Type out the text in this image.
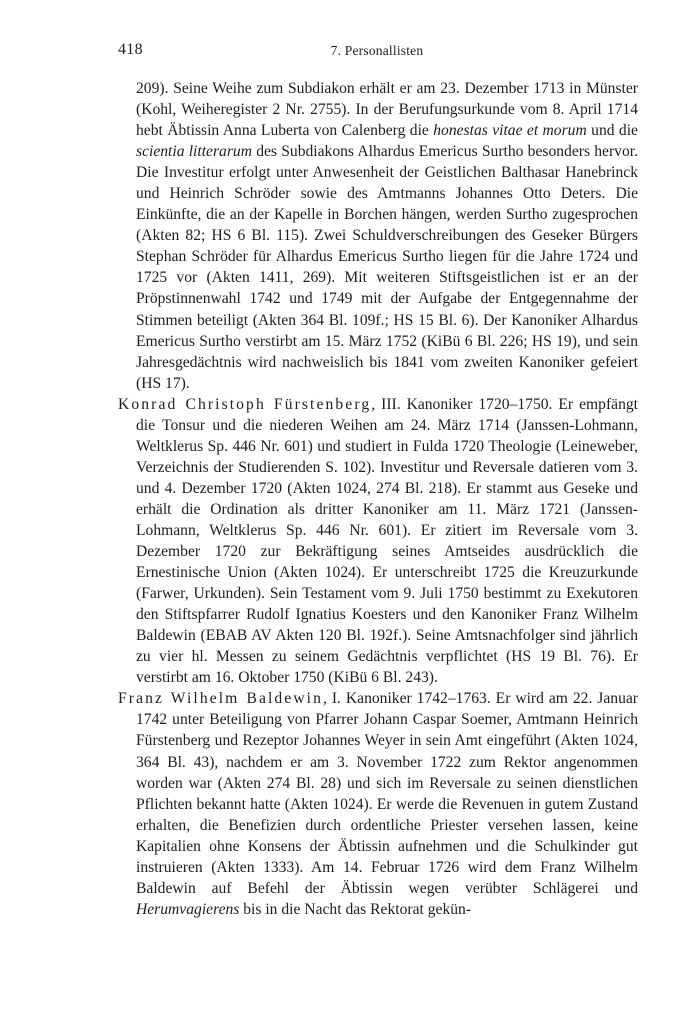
418	7. Personallisten

209). Seine Weihe zum Subdiakon erhält er am 23. Dezember 1713 in Münster (Kohl, Weiheregister 2 Nr. 2755). In der Berufungsurkunde vom 8. April 1714 hebt Äbtissin Anna Luberta von Calenberg die honestas vitae et morum und die scientia litterarum des Subdiakons Alhardus Emericus Surtho besonders hervor. Die Investitur erfolgt unter Anwesenheit der Geistlichen Balthasar Hanebrinck und Heinrich Schröder sowie des Amtmanns Johannes Otto Deters. Die Einkünfte, die an der Kapelle in Borchen hängen, werden Surtho zugesprochen (Akten 82; HS 6 Bl. 115). Zwei Schuldverschreibungen des Geseker Bürgers Stephan Schröder für Alhardus Emericus Surtho liegen für die Jahre 1724 und 1725 vor (Akten 1411, 269). Mit weiteren Stiftsgeistlichen ist er an der Pröpstinnenwahl 1742 und 1749 mit der Aufgabe der Entgegennahme der Stimmen beteiligt (Akten 364 Bl. 109f.; HS 15 Bl. 6). Der Kanoniker Alhardus Emericus Surtho verstirbt am 15. März 1752 (KiBü 6 Bl. 226; HS 19), und sein Jahresgedächtnis wird nachweislich bis 1841 vom zweiten Kanoniker gefeiert (HS 17).

Konrad Christoph Fürstenberg, III. Kanoniker 1720–1750. Er empfängt die Tonsur und die niederen Weihen am 24. März 1714 (Janssen-Lohmann, Weltklerus Sp. 446 Nr. 601) und studiert in Fulda 1720 Theologie (Leineweber, Verzeichnis der Studierenden S. 102). Investitur und Reversale datieren vom 3. und 4. Dezember 1720 (Akten 1024, 274 Bl. 218). Er stammt aus Geseke und erhält die Ordination als dritter Kanoniker am 11. März 1721 (Janssen-Lohmann, Weltklerus Sp. 446 Nr. 601). Er zitiert im Reversale vom 3. Dezember 1720 zur Bekräftigung seines Amtseides ausdrücklich die Ernestinische Union (Akten 1024). Er unterschreibt 1725 die Kreuzurkunde (Farwer, Urkunden). Sein Testament vom 9. Juli 1750 bestimmt zu Exekutoren den Stiftspfarrer Rudolf Ignatius Koesters und den Kanoniker Franz Wilhelm Baldewin (EBAB AV Akten 120 Bl. 192f.). Seine Amtsnachfolger sind jährlich zu vier hl. Messen zu seinem Gedächtnis verpflichtet (HS 19 Bl. 76). Er verstirbt am 16. Oktober 1750 (KiBü 6 Bl. 243).

Franz Wilhelm Baldewin, I. Kanoniker 1742–1763. Er wird am 22. Januar 1742 unter Beteiligung von Pfarrer Johann Caspar Soemer, Amtmann Heinrich Fürstenberg und Rezeptor Johannes Weyer in sein Amt eingeführt (Akten 1024, 364 Bl. 43), nachdem er am 3. November 1722 zum Rektor angenommen worden war (Akten 274 Bl. 28) und sich im Reversale zu seinen dienstlichen Pflichten bekannt hatte (Akten 1024). Er werde die Revenuen in gutem Zustand erhalten, die Benefizien durch ordentliche Priester versehen lassen, keine Kapitalien ohne Konsens der Äbtissin aufnehmen und die Schulkinder gut instruieren (Akten 1333). Am 14. Februar 1726 wird dem Franz Wilhelm Baldewin auf Befehl der Äbtissin wegen verübter Schlägerei und Herumvagierens bis in die Nacht das Rektorat gekün-
